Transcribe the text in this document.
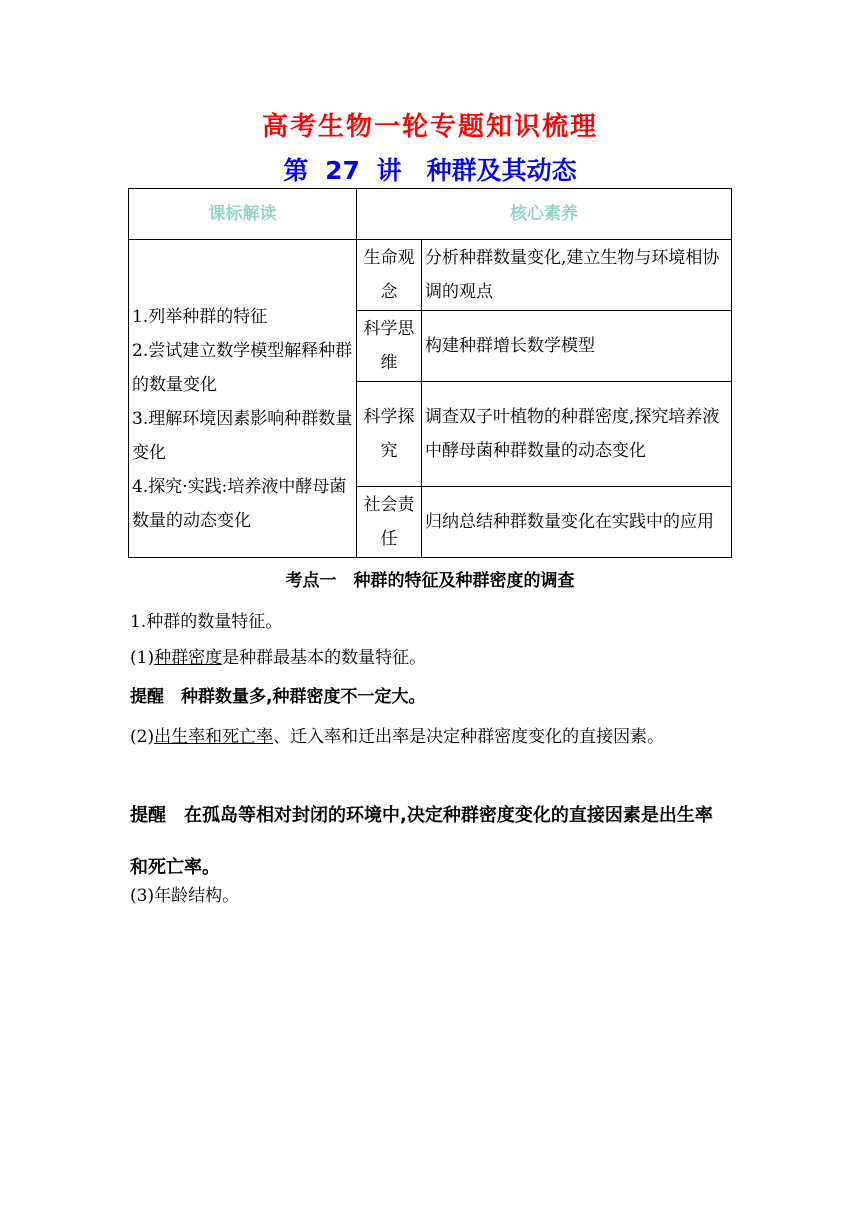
高考生物一轮专题知识梳理
第 27 讲　种群及其动态
课标解读	核心素养	

1.列举种群的特征
2.尝试建立数学模型解释种群的数量变化
3.理解环境因素影响种群数量变化
4.探究·实践:培养液中酵母菌数量的动态变化	生命观念	分析种群数量变化,建立生物与环境相协调的观点
	科学思维	构建种群增长数学模型
	科学探究	调查双子叶植物的种群密度,探究培养液中酵母菌种群数量的动态变化
	社会责任	归纳总结种群数量变化在实践中的应用
考点一　种群的特征及种群密度的调查
1.种群的数量特征。
(1)种群密度是种群最基本的数量特征。
提醒　种群数量多,种群密度不一定大。
(2)出生率和死亡率、迁入率和迁出率是决定种群密度变化的直接因素。
提醒　在孤岛等相对封闭的环境中,决定种群密度变化的直接因素是出生率和死亡率。
(3)年龄结构。
